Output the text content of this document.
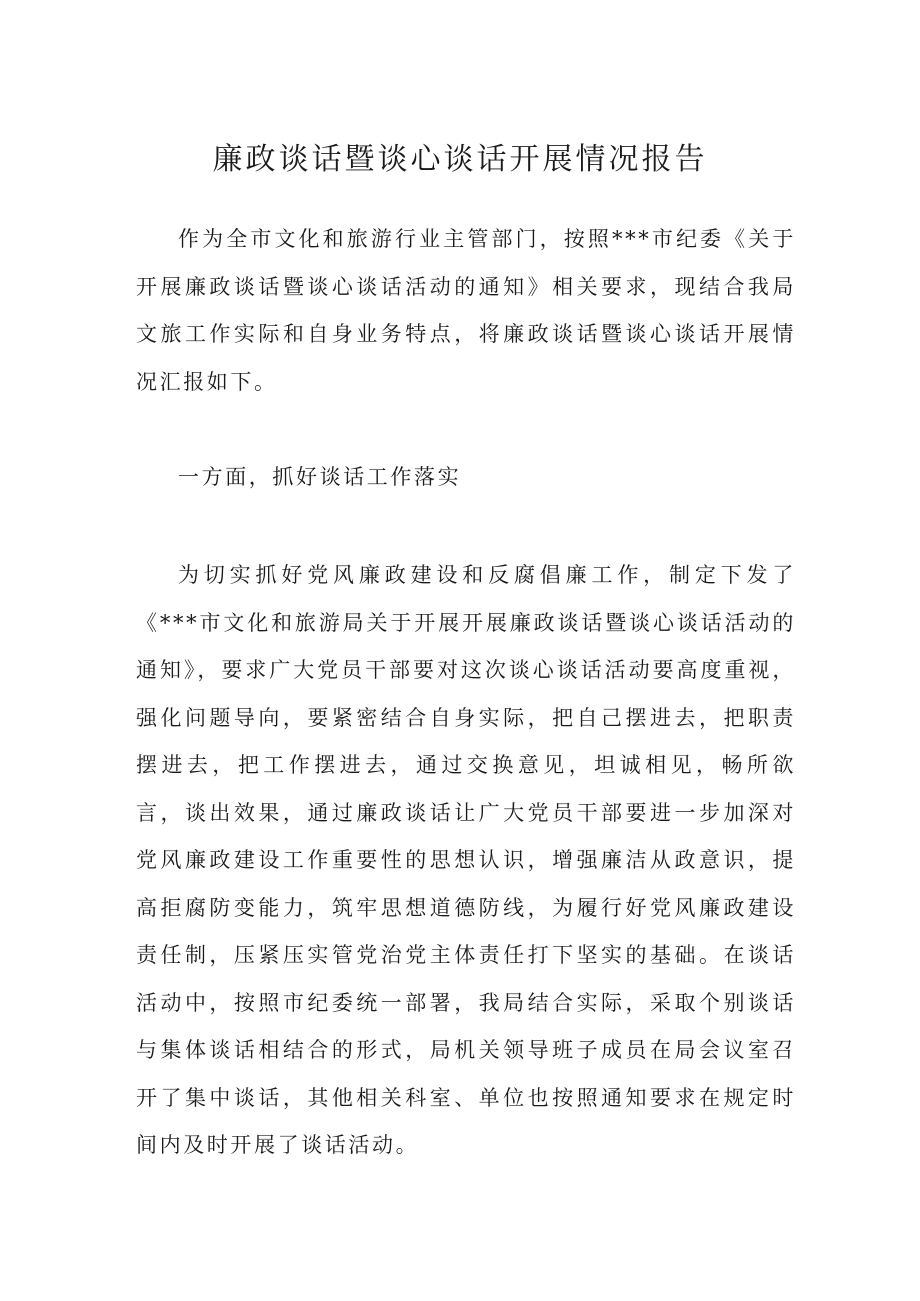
廉政谈话暨谈心谈话开展情况报告

作为全市文化和旅游行业主管部门，按照***市纪委《关于开展廉政谈话暨谈心谈话活动的通知》相关要求，现结合我局文旅工作实际和自身业务特点，将廉政谈话暨谈心谈话开展情况汇报如下。

一方面，抓好谈话工作落实

为切实抓好党风廉政建设和反腐倡廉工作，制定下发了《***市文化和旅游局关于开展开展廉政谈话暨谈心谈话活动的通知》，要求广大党员干部要对这次谈心谈话活动要高度重视，强化问题导向，要紧密结合自身实际，把自己摆进去，把职责摆进去，把工作摆进去，通过交换意见，坦诚相见，畅所欲言，谈出效果，通过廉政谈话让广大党员干部要进一步加深对党风廉政建设工作重要性的思想认识，增强廉洁从政意识，提高拒腐防变能力，筑牢思想道德防线，为履行好党风廉政建设责任制，压紧压实管党治党主体责任打下坚实的基础。在谈话活动中，按照市纪委统一部署，我局结合实际，采取个别谈话与集体谈话相结合的形式，局机关领导班子成员在局会议室召开了集中谈话，其他相关科室、单位也按照通知要求在规定时间内及时开展了谈话活动。
